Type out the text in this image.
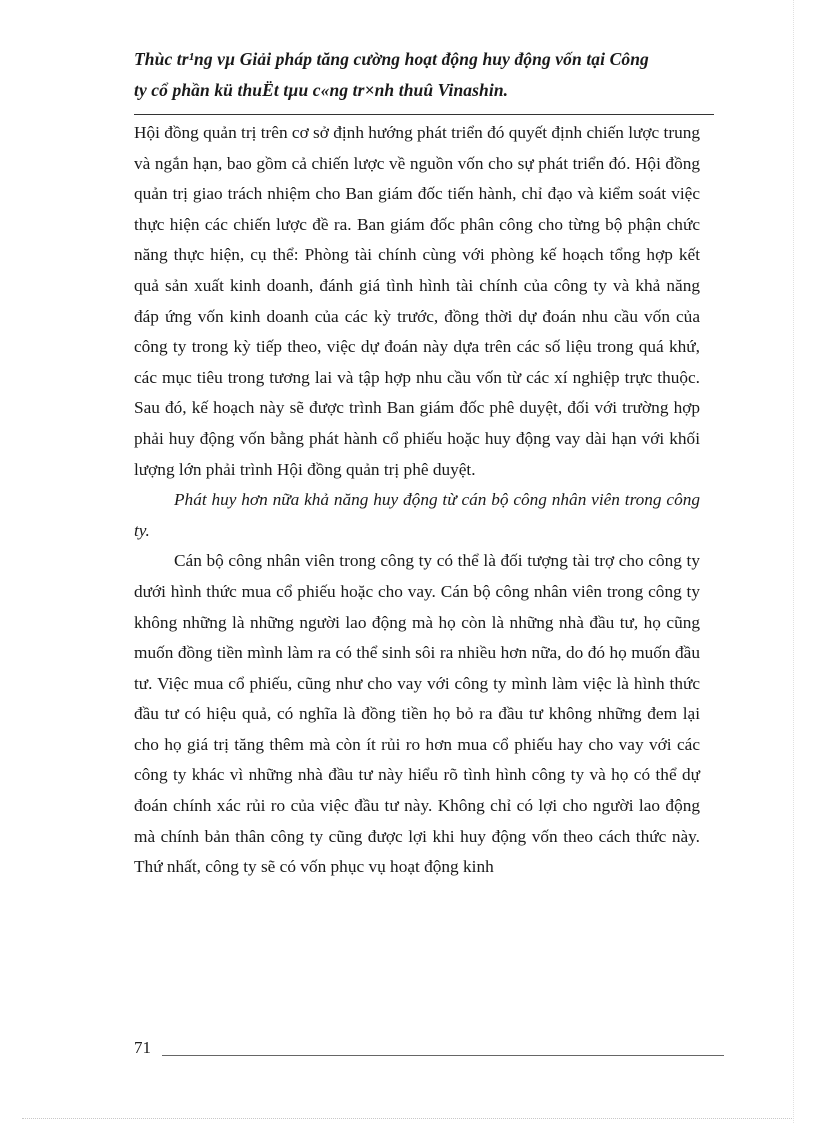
Thùc tr¹ng vµ Giải pháp tăng cường hoạt động huy động vốn tại Công
ty cổ phần kü thuËt tµu c«ng tr×nh thuû Vinashin.

Hội đồng quản trị trên cơ sở định hướng phát triển đó quyết định chiến lược trung và ngắn hạn, bao gồm cả chiến lược về nguồn vốn cho sự phát triển đó. Hội đồng quản trị giao trách nhiệm cho Ban giám đốc tiến hành, chỉ đạo và kiểm soát việc thực hiện các chiến lược đề ra. Ban giám đốc phân công cho từng bộ phận chức năng thực hiện, cụ thể: Phòng tài chính cùng với phòng kế hoạch tổng hợp kết quả sản xuất kinh doanh, đánh giá tình hình tài chính của công ty và khả năng đáp ứng vốn kinh doanh của các kỳ trước, đồng thời dự đoán nhu cầu vốn của công ty trong kỳ tiếp theo, việc dự đoán này dựa trên các số liệu trong quá khứ, các mục tiêu trong tương lai và tập hợp nhu cầu vốn từ các xí nghiệp trực thuộc. Sau đó, kế hoạch này sẽ được trình Ban giám đốc phê duyệt, đối với trường hợp phải huy động vốn bằng phát hành cổ phiếu hoặc huy động vay dài hạn với khối lượng lớn phải trình Hội đồng quản trị phê duyệt.

Phát huy hơn nữa khả năng huy động từ cán bộ công nhân viên trong công ty.

Cán bộ công nhân viên trong công ty có thể là đối tượng tài trợ cho công ty dưới hình thức mua cổ phiếu hoặc cho vay. Cán bộ công nhân viên trong công ty không những là những người lao động mà họ còn là những nhà đầu tư, họ cũng muốn đồng tiền mình làm ra có thể sinh sôi ra nhiều hơn nữa, do đó họ muốn đầu tư. Việc mua cổ phiếu, cũng như cho vay với công ty mình làm việc là hình thức đầu tư có hiệu quả, có nghĩa là đồng tiền họ bỏ ra đầu tư không những đem lại cho họ giá trị tăng thêm mà còn ít rủi ro hơn mua cổ phiếu hay cho vay với các công ty khác vì những nhà đầu tư này hiểu rõ tình hình công ty và họ có thể dự đoán chính xác rủi ro của việc đầu tư này. Không chỉ có lợi cho người lao động mà chính bản thân công ty cũng được lợi khi huy động vốn theo cách thức này. Thứ nhất, công ty sẽ có vốn phục vụ hoạt động kinh

71
